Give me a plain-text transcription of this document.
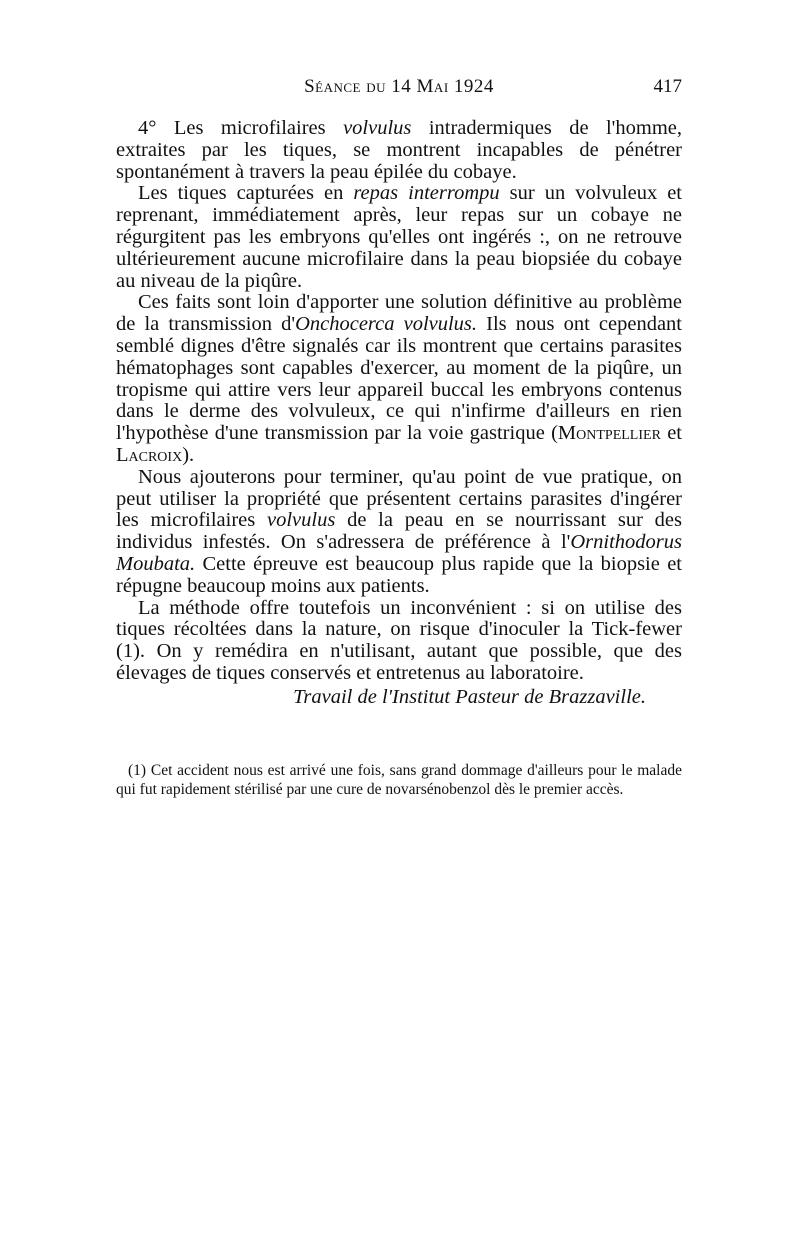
Séance du 14 Mai 1924	417

4° Les microfilaires volvulus intradermiques de l'homme, extraites par les tiques, se montrent incapables de pénétrer spontanément à travers la peau épilée du cobaye.

Les tiques capturées en repas interrompu sur un volvuleux et reprenant, immédiatement après, leur repas sur un cobaye ne régurgitent pas les embryons qu'elles ont ingérés :, on ne retrouve ultérieurement aucune microfilaire dans la peau biopsiée du cobaye au niveau de la piqûre.

Ces faits sont loin d'apporter une solution définitive au problème de la transmission d'Onchocerca volvulus. Ils nous ont cependant semblé dignes d'être signalés car ils montrent que certains parasites hématophages sont capables d'exercer, au moment de la piqûre, un tropisme qui attire vers leur appareil buccal les embryons contenus dans le derme des volvuleux, ce qui n'infirme d'ailleurs en rien l'hypothèse d'une transmission par la voie gastrique (Montpellier et Lacroix).

Nous ajouterons pour terminer, qu'au point de vue pratique, on peut utiliser la propriété que présentent certains parasites d'ingérer les microfilaires volvulus de la peau en se nourrissant sur des individus infestés. On s'adressera de préférence à l'Ornithodorus Moubata. Cette épreuve est beaucoup plus rapide que la biopsie et répugne beaucoup moins aux patients.

La méthode offre toutefois un inconvénient : si on utilise des tiques récoltées dans la nature, on risque d'inoculer la Tick-fewer (1). On y remédira en n'utilisant, autant que possible, que des élevages de tiques conservés et entretenus au laboratoire.

Travail de l'Institut Pasteur de Brazzaville.

(1) Cet accident nous est arrivé une fois, sans grand dommage d'ailleurs pour le malade qui fut rapidement stérilisé par une cure de novarsénobenzol dès le premier accès.
